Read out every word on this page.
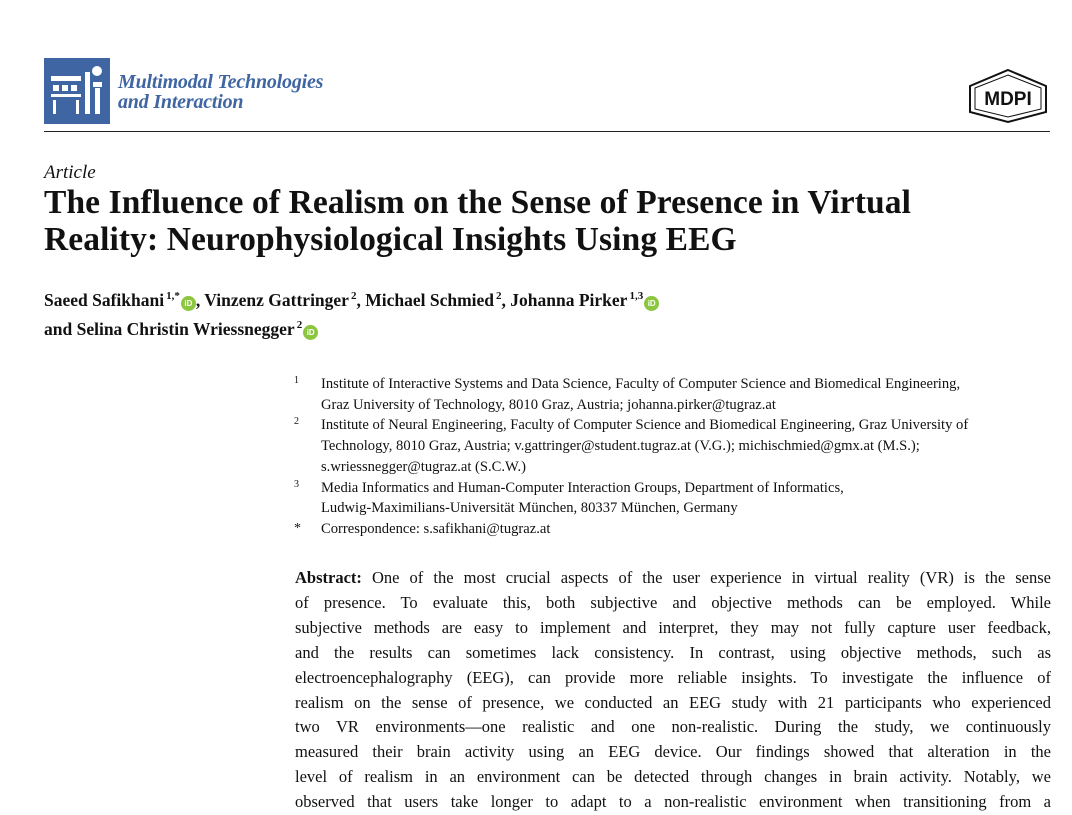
Multimodal Technologies
and Interaction	MDPI
Article
The Influence of Realism on the Sense of Presence in Virtual
Reality: Neurophysiological Insights Using EEG
Saeed Safikhani $^{1,*}$iD , Vinzenz Gattringer $^2$, Michael Schmied $^2$, Johanna Pirker $^{1,3}$iD
and Selina Christin Wriessnegger $^2$iD
1 Institute of Interactive Systems and Data Science, Faculty of Computer Science and Biomedical Engineering,
Graz University of Technology, 8010 Graz, Austria; johanna.pirker@tugraz.at
2 Institute of Neural Engineering, Faculty of Computer Science and Biomedical Engineering, Graz University of
Technology, 8010 Graz, Austria; v.gattringer@student.tugraz.at (V.G.); michischmied@gmx.at (M.S.);
s.wriessnegger@tugraz.at (S.C.W.)
3 Media Informatics and Human-Computer Interaction Groups, Department of Informatics,
Ludwig-Maximilians-Universität München, 80337 München, Germany
* Correspondence: s.safikhani@tugraz.at
Abstract: One of the most crucial aspects of the user experience in virtual reality (VR) is the sense
of presence. To evaluate this, both subjective and objective methods can be employed. While
subjective methods are easy to implement and interpret, they may not fully capture user feedback,
and the results can sometimes lack consistency. In contrast, using objective methods, such as
electroencephalography (EEG), can provide more reliable insights. To investigate the influence of
realism on the sense of presence, we conducted an EEG study with 21 participants who experienced
two VR environments—one realistic and one non-realistic. During the study, we continuously
measured their brain activity using an EEG device. Our findings showed that alteration in the
level of realism in an environment can be detected through changes in brain activity. Notably, we
observed that users take longer to adapt to a non-realistic environment when transitioning from a
